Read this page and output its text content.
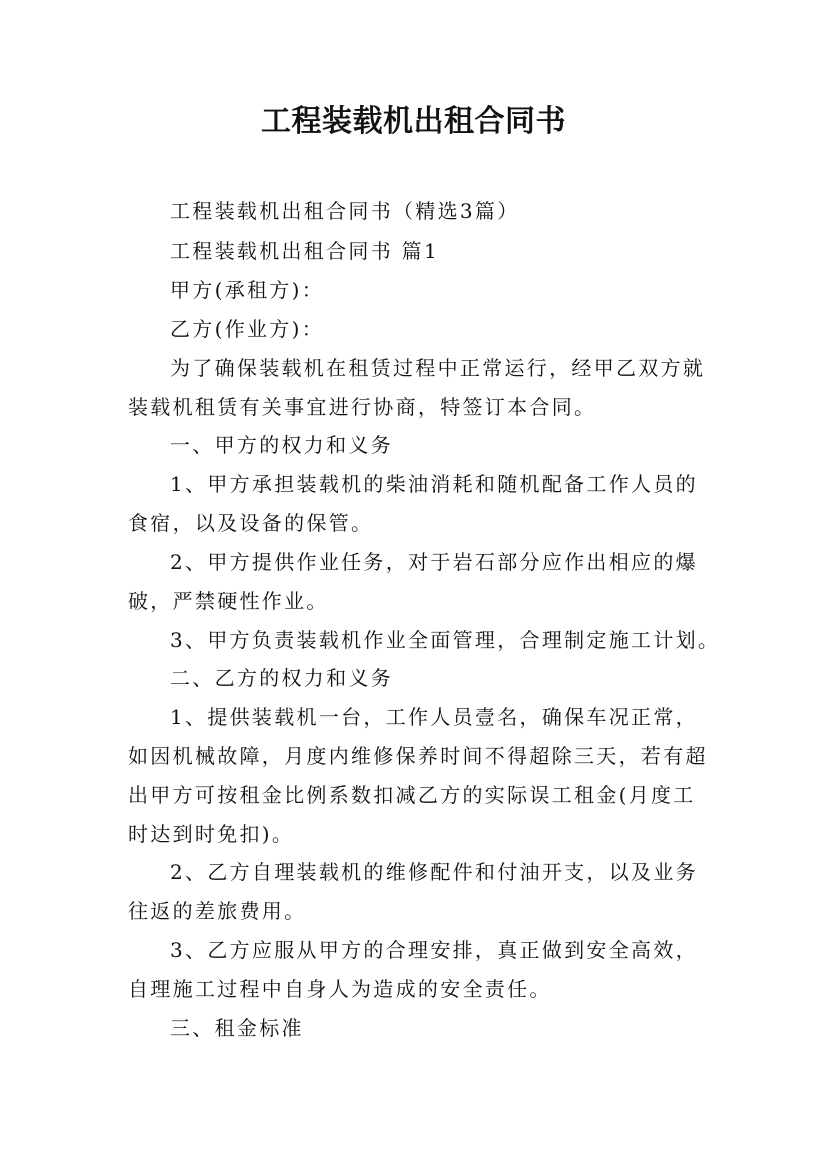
工程装载机出租合同书
工程装载机出租合同书（精选3篇）
工程装载机出租合同书 篇1
甲方(承租方)：
乙方(作业方)：
为了确保装载机在租赁过程中正常运行，经甲乙双方就
装载机租赁有关事宜进行协商，特签订本合同。
一、甲方的权力和义务
1、甲方承担装载机的柴油消耗和随机配备工作人员的
食宿，以及设备的保管。
2、甲方提供作业任务，对于岩石部分应作出相应的爆
破，严禁硬性作业。
3、甲方负责装载机作业全面管理，合理制定施工计划。
二、乙方的权力和义务
1、提供装载机一台，工作人员壹名，确保车况正常，
如因机械故障，月度内维修保养时间不得超除三天，若有超
出甲方可按租金比例系数扣减乙方的实际误工租金(月度工
时达到时免扣)。
2、乙方自理装载机的维修配件和付油开支，以及业务
往返的差旅费用。
3、乙方应服从甲方的合理安排，真正做到安全高效，
自理施工过程中自身人为造成的安全责任。
三、租金标准
